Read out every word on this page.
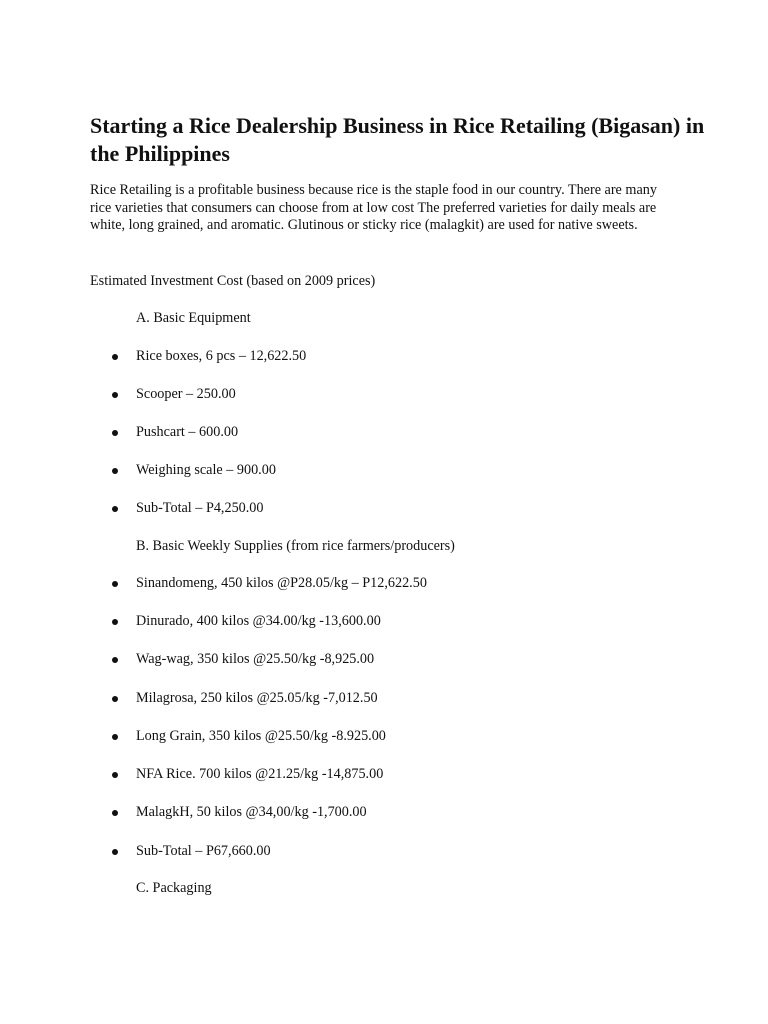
Starting a Rice Dealership Business in Rice Retailing (Bigasan) in the Philippines

Rice Retailing is a profitable business because rice is the staple food in our country. There are many rice varieties that consumers can choose from at low cost The preferred varieties for daily meals are white, long grained, and aromatic. Glutinous or sticky rice (malagkit) are used for native sweets.

Estimated Investment Cost (based on 2009 prices)

A. Basic Equipment

Rice boxes, 6 pcs – 12,622.50
Scooper – 250.00
Pushcart – 600.00
Weighing scale – 900.00
Sub-Total – P4,250.00

B. Basic Weekly Supplies (from rice farmers/producers)

Sinandomeng, 450 kilos @P28.05/kg – P12,622.50
Dinurado, 400 kilos @34.00/kg -13,600.00
Wag-wag, 350 kilos @25.50/kg -8,925.00
Milagrosa, 250 kilos @25.05/kg -7,012.50
Long Grain, 350 kilos @25.50/kg -8.925.00
NFA Rice. 700 kilos @21.25/kg -14,875.00
MalagkH, 50 kilos @34,00/kg -1,700.00
Sub-Total – P67,660.00

C. Packaging
